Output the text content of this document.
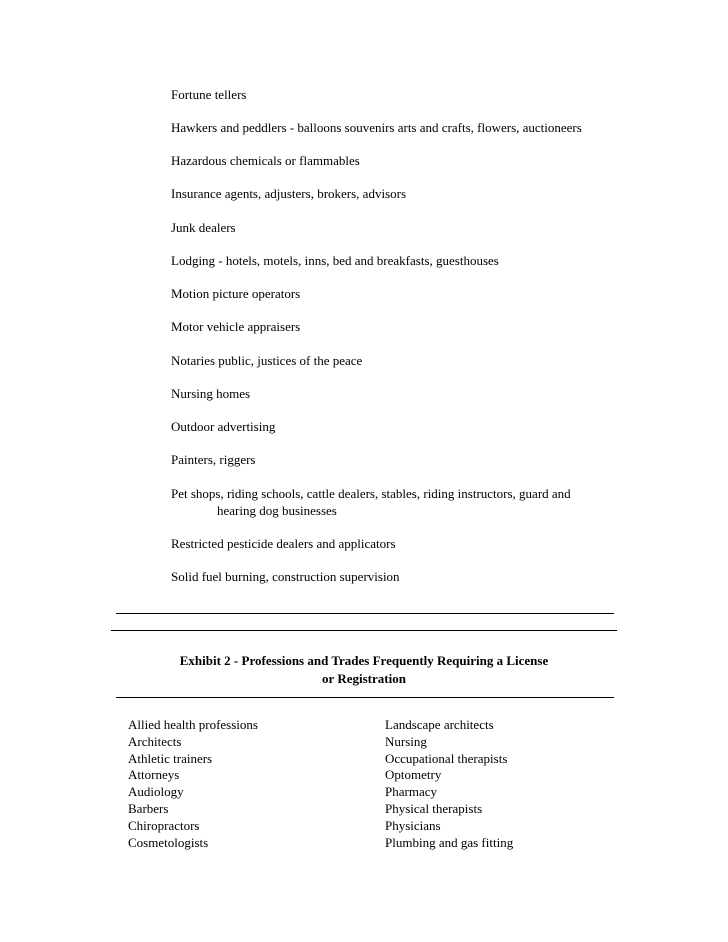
Fortune tellers
Hawkers and peddlers - balloons souvenirs arts and crafts, flowers, auctioneers
Hazardous chemicals or flammables
Insurance agents, adjusters, brokers, advisors
Junk dealers
Lodging - hotels, motels, inns, bed and breakfasts, guesthouses
Motion picture operators
Motor vehicle appraisers
Notaries public, justices of the peace
Nursing homes
Outdoor advertising
Painters, riggers
Pet shops, riding schools, cattle dealers, stables, riding instructors, guard and
hearing dog businesses
Restricted pesticide dealers and applicators
Solid fuel burning, construction supervision
Exhibit 2 - Professions and Trades Frequently Requiring a License
or Registration
Allied health professions
Architects
Athletic trainers
Attorneys
Audiology
Barbers
Chiropractors
Cosmetologists
Landscape architects
Nursing
Occupational therapists
Optometry
Pharmacy
Physical therapists
Physicians
Plumbing and gas fitting
